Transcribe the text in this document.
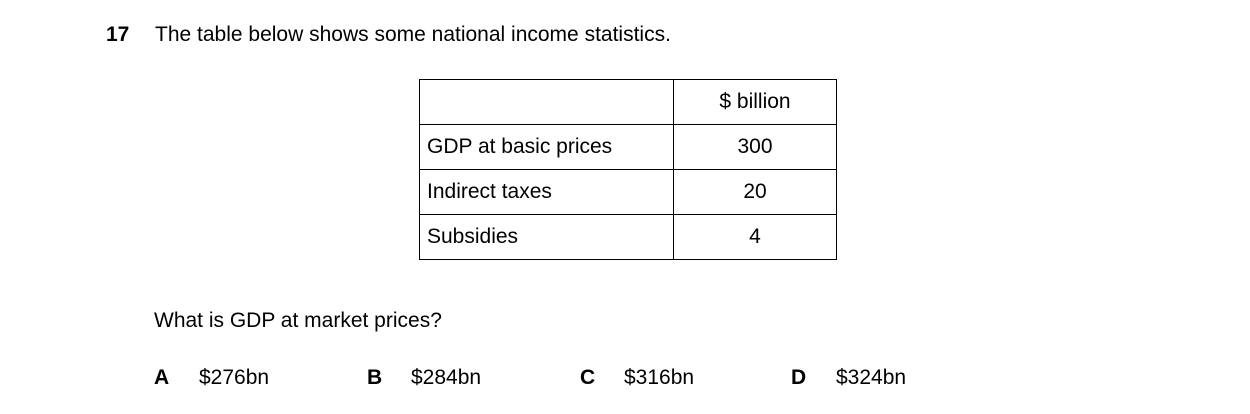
17 The table below shows some national income statistics.
	$ billion
GDP at basic prices	300
Indirect taxes	20
Subsidies	4
What is GDP at market prices?
A $276bn	B $284bn	C $316bn	D $324bn
